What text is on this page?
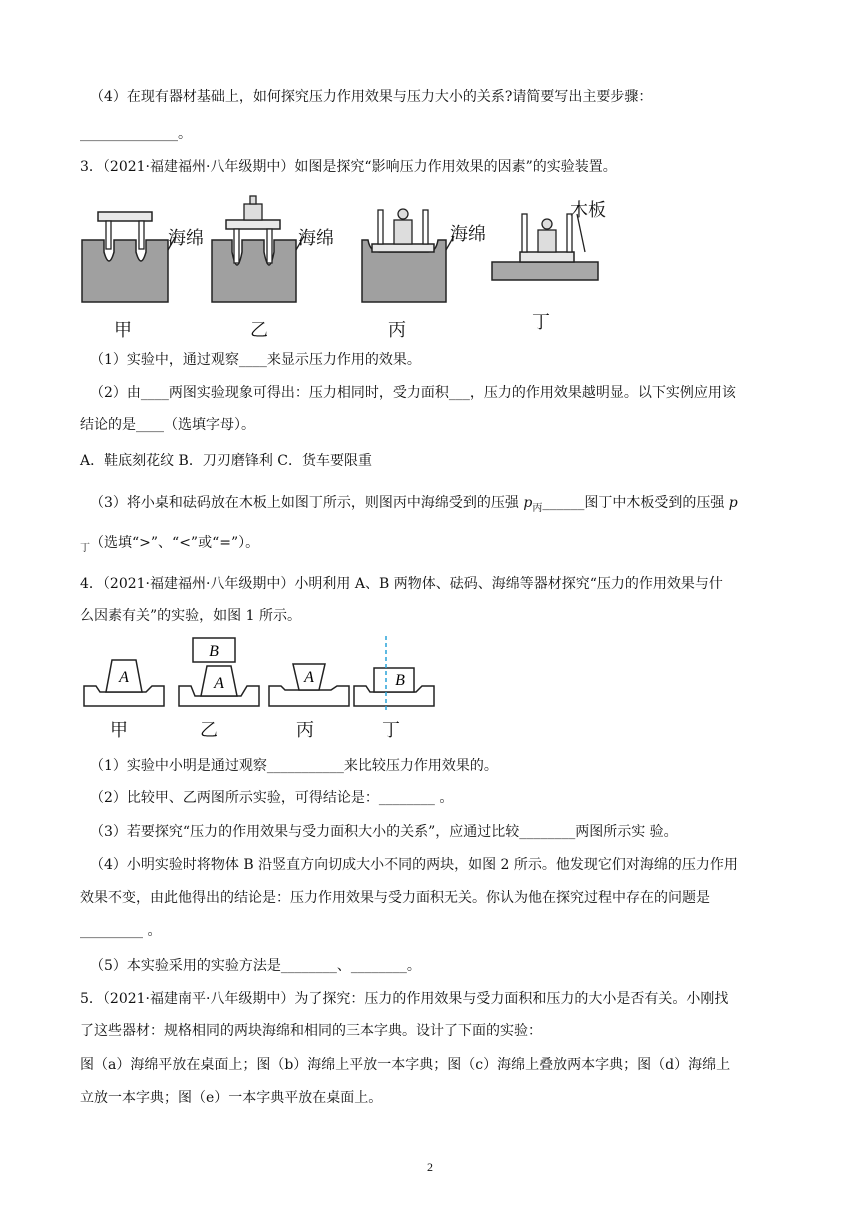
（4）在现有器材基础上，如何探究压力作用效果与压力大小的关系?请简要写出主要步骤：
______________。
3．（2021·福建福州·八年级期中）如图是探究“影响压力作用效果的因素”的实验装置。
海绵	海绵	海绵
木板
甲	乙	丙	丁
（1）实验中，通过观察____来显示压力作用的效果。
（2）由____两图实验现象可得出：压力相同时，受力面积___，压力的作用效果越明显。以下实例应用该
结论的是____（选填字母）。
A．鞋底刻花纹 B．刀刃磨锋利 C．货车要限重
（3）将小桌和砝码放在木板上如图丁所示，则图丙中海绵受到的压强 $p_丙\_\_\_\_\_\_$图丁中木板受到的压强 p
$_丁$（选填“>”、“<”或“=”）。
4．（2021·福建福州·八年级期中）小明利用 A、B 两物体、砝码、海绵等器材探究“压力的作用效果与什
么因素有关”的实验，如图 1 所示。
A	A
B
A	B
甲	乙	丙	丁
（1）实验中小明是通过观察___________来比较压力作用效果的。
（2）比较甲、乙两图所示实验，可得结论是：________ 。
（3）若要探究“压力的作用效果与受力面积大小的关系”，应通过比较________两图所示实 验。
（4）小明实验时将物体 B 沿竖直方向切成大小不同的两块，如图 2 所示。他发现它们对海绵的压力作用
效果不变，由此他得出的结论是：压力作用效果与受力面积无关。你认为他在探究过程中存在的问题是
_________ 。
（5）本实验采用的实验方法是________、________。
5．（2021·福建南平·八年级期中）为了探究：压力的作用效果与受力面积和压力的大小是否有关。小刚找
了这些器材：规格相同的两块海绵和相同的三本字典。设计了下面的实验：
图（a）海绵平放在桌面上；图（b）海绵上平放一本字典；图（c）海绵上叠放两本字典；图（d）海绵上
立放一本字典；图（e）一本字典平放在桌面上。
2
